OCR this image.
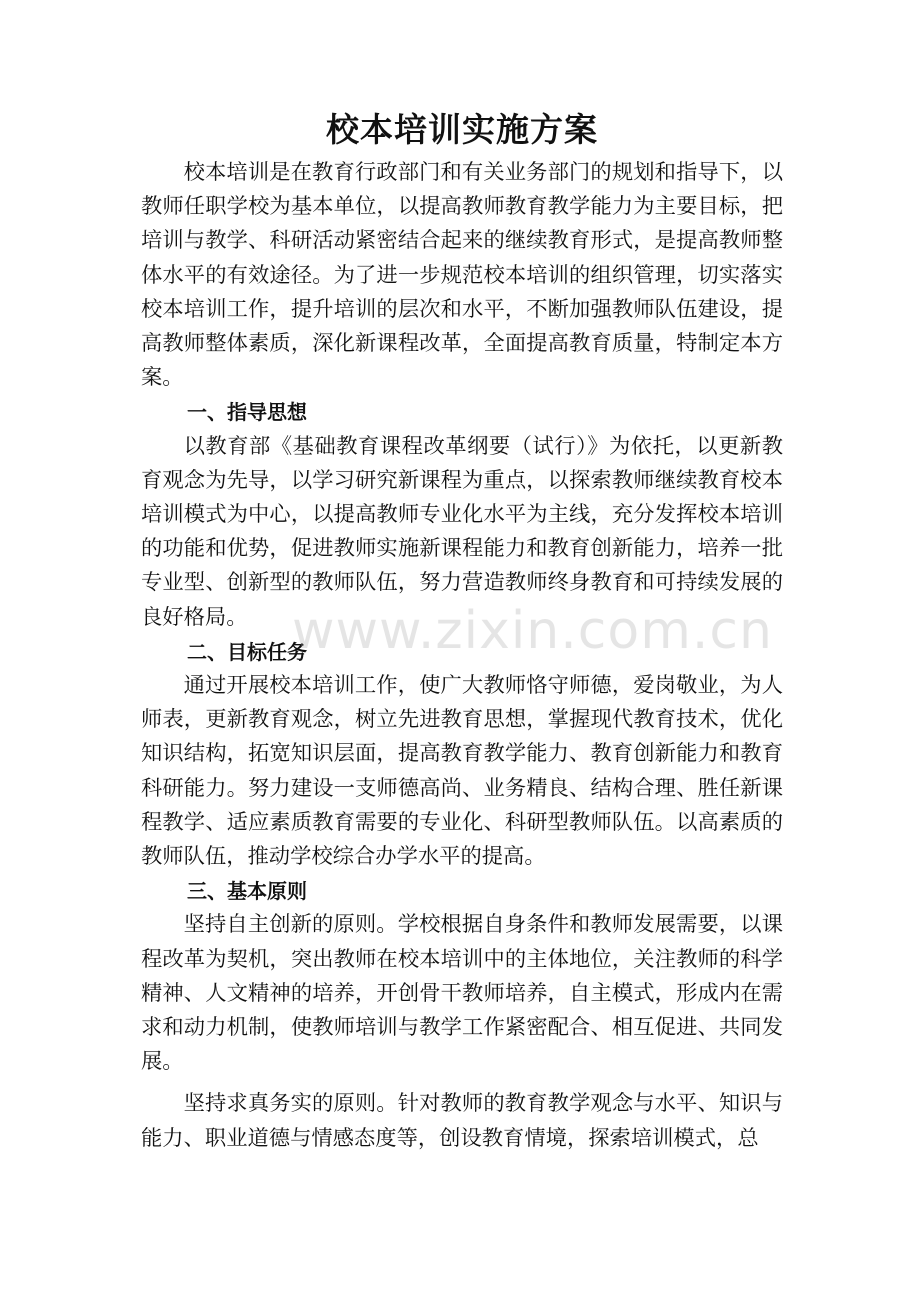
校本培训实施方案

校本培训是在教育行政部门和有关业务部门的规划和指导下，以教师任职学校为基本单位，以提高教师教育教学能力为主要目标，把培训与教学、科研活动紧密结合起来的继续教育形式，是提高教师整体水平的有效途径。为了进一步规范校本培训的组织管理，切实落实校本培训工作，提升培训的层次和水平，不断加强教师队伍建设，提高教师整体素质，深化新课程改革，全面提高教育质量，特制定本方案。

一、指导思想

以教育部《基础教育课程改革纲要（试行）》为依托，以更新教育观念为先导，以学习研究新课程为重点，以探索教师继续教育校本培训模式为中心，以提高教师专业化水平为主线，充分发挥校本培训的功能和优势，促进教师实施新课程能力和教育创新能力，培养一批专业型、创新型的教师队伍，努力营造教师终身教育和可持续发展的良好格局。

二、目标任务

通过开展校本培训工作，使广大教师恪守师德，爱岗敬业，为人师表，更新教育观念，树立先进教育思想，掌握现代教育技术，优化知识结构，拓宽知识层面，提高教育教学能力、教育创新能力和教育科研能力。努力建设一支师德高尚、业务精良、结构合理、胜任新课程教学、适应素质教育需要的专业化、科研型教师队伍。以高素质的教师队伍，推动学校综合办学水平的提高。

三、基本原则

坚持自主创新的原则。学校根据自身条件和教师发展需要，以课程改革为契机，突出教师在校本培训中的主体地位，关注教师的科学精神、人文精神的培养，开创骨干教师培养，自主模式，形成内在需求和动力机制，使教师培训与教学工作紧密配合、相互促进、共同发展。

坚持求真务实的原则。针对教师的教育教学观念与水平、知识与能力、职业道德与情感态度等，创设教育情境，探索培训模式，总

www.zixin.com.cn
